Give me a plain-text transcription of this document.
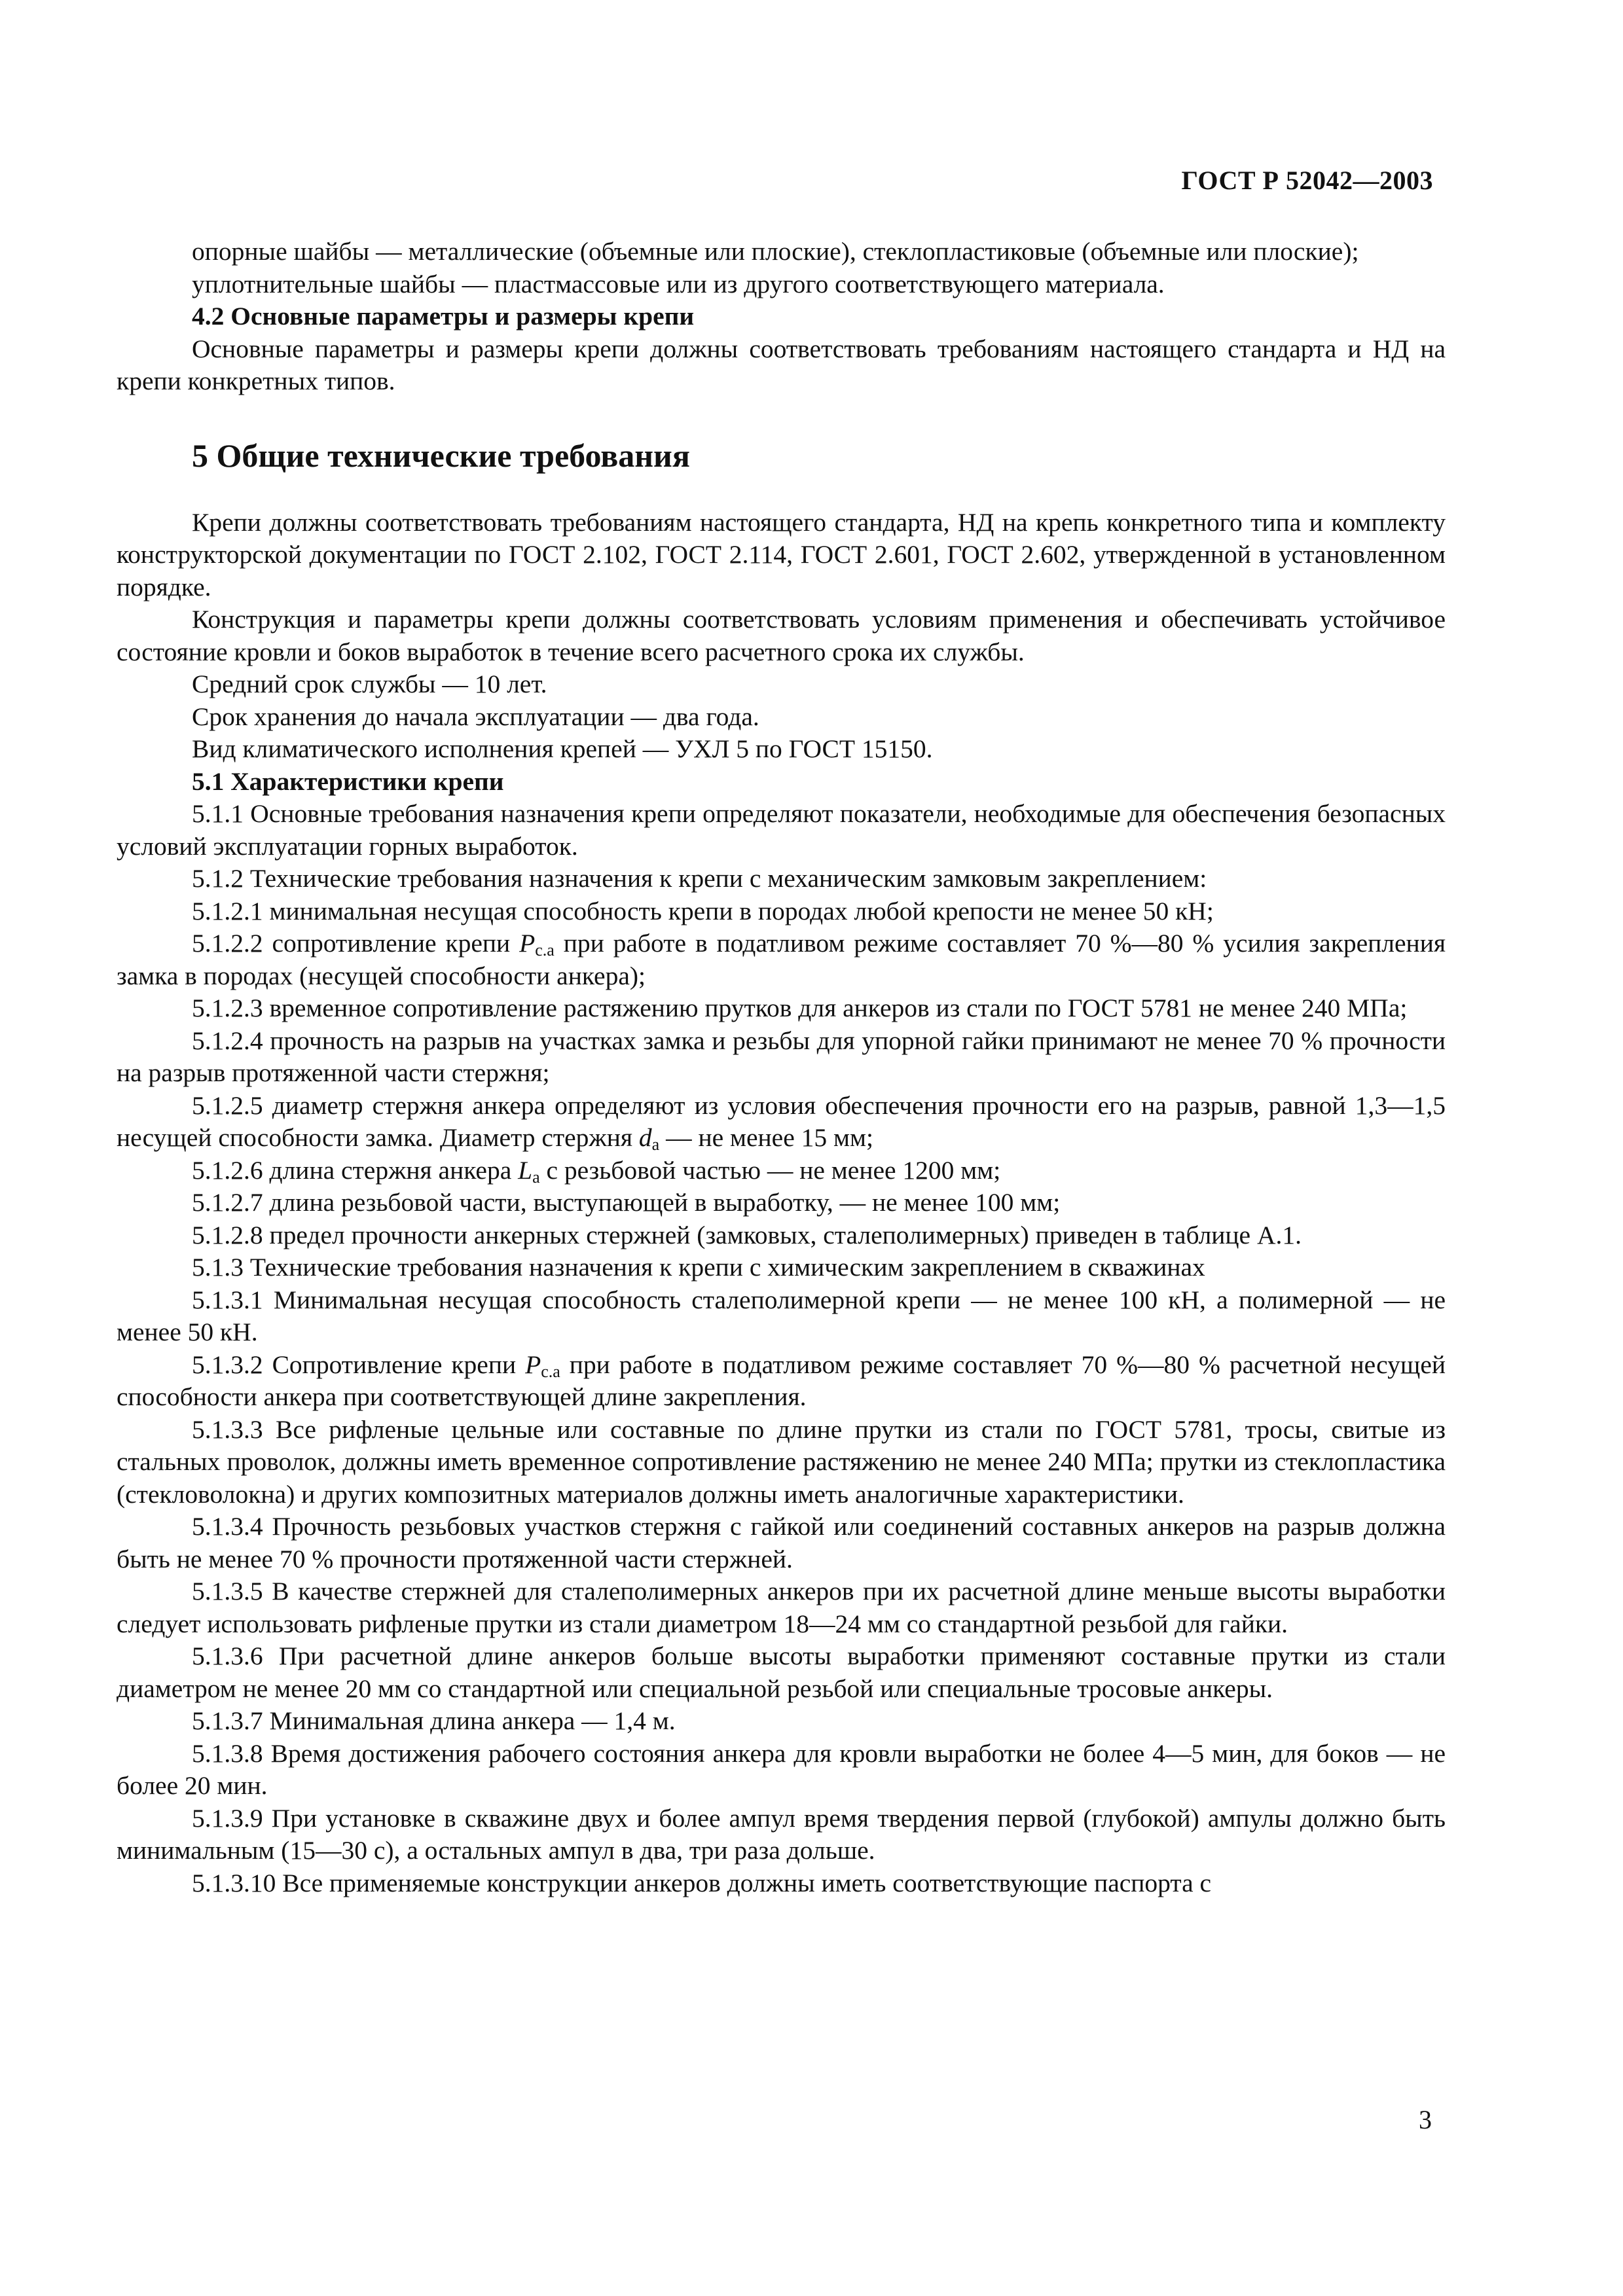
ГОСТ Р 52042—2003

опорные шайбы — металлические (объемные или плоские), стеклопластиковые (объемные или плоские);

уплотнительные шайбы — пластмассовые или из другого соответствующего материала.

4.2 Основные параметры и размеры крепи

Основные параметры и размеры крепи должны соответствовать требованиям настоящего стандарта и НД на крепи конкретных типов.

5 Общие технические требования

Крепи должны соответствовать требованиям настоящего стандарта, НД на крепь конкретного типа и комплекту конструкторской документации по ГОСТ 2.102, ГОСТ 2.114, ГОСТ 2.601, ГОСТ 2.602, утвержденной в установленном порядке.

Конструкция и параметры крепи должны соответствовать условиям применения и обеспечивать устойчивое состояние кровли и боков выработок в течение всего расчетного срока их службы.

Средний срок службы — 10 лет.

Срок хранения до начала эксплуатации — два года.

Вид климатического исполнения крепей — УХЛ 5 по ГОСТ 15150.

5.1 Характеристики крепи

5.1.1 Основные требования назначения крепи определяют показатели, необходимые для обеспечения безопасных условий эксплуатации горных выработок.

5.1.2 Технические требования назначения к крепи с механическим замковым закреплением:

5.1.2.1 минимальная несущая способность крепи в породах любой крепости не менее 50 кН;

5.1.2.2 сопротивление крепи $P_{с.а}$ при работе в податливом режиме составляет 70 %—80 % усилия закрепления замка в породах (несущей способности анкера);

5.1.2.3 временное сопротивление растяжению прутков для анкеров из стали по ГОСТ 5781 не менее 240 МПа;

5.1.2.4 прочность на разрыв на участках замка и резьбы для упорной гайки принимают не менее 70 % прочности на разрыв протяженной части стержня;

5.1.2.5 диаметр стержня анкера определяют из условия обеспечения прочности его на разрыв, равной 1,3—1,5 несущей способности замка. Диаметр стержня $d_a$ — не менее 15 мм;

5.1.2.6 длина стержня анкера $L_a$ с резьбовой частью — не менее 1200 мм;

5.1.2.7 длина резьбовой части, выступающей в выработку, — не менее 100 мм;

5.1.2.8 предел прочности анкерных стержней (замковых, сталеполимерных) приведен в таблице А.1.

5.1.3 Технические требования назначения к крепи с химическим закреплением в скважинах

5.1.3.1 Минимальная несущая способность сталеполимерной крепи — не менее 100 кН, а полимерной — не менее 50 кН.

5.1.3.2 Сопротивление крепи $P_{с.а}$ при работе в податливом режиме составляет 70 %—80 % расчетной несущей способности анкера при соответствующей длине закрепления.

5.1.3.3 Все рифленые цельные или составные по длине прутки из стали по ГОСТ 5781, тросы, свитые из стальных проволок, должны иметь временное сопротивление растяжению не менее 240 МПа; прутки из стеклопластика (стекловолокна) и других композитных материалов должны иметь аналогичные характеристики.

5.1.3.4 Прочность резьбовых участков стержня с гайкой или соединений составных анкеров на разрыв должна быть не менее 70 % прочности протяженной части стержней.

5.1.3.5 В качестве стержней для сталеполимерных анкеров при их расчетной длине меньше высоты выработки следует использовать рифленые прутки из стали диаметром 18—24 мм со стандартной резьбой для гайки.

5.1.3.6 При расчетной длине анкеров больше высоты выработки применяют составные прутки из стали диаметром не менее 20 мм со стандартной или специальной резьбой или специальные тросовые анкеры.

5.1.3.7 Минимальная длина анкера — 1,4 м.

5.1.3.8 Время достижения рабочего состояния анкера для кровли выработки не более 4—5 мин, для боков — не более 20 мин.

5.1.3.9 При установке в скважине двух и более ампул время твердения первой (глубокой) ампулы должно быть минимальным (15—30 с), а остальных ампул в два, три раза дольше.

5.1.3.10 Все применяемые конструкции анкеров должны иметь соответствующие паспорта с

3
